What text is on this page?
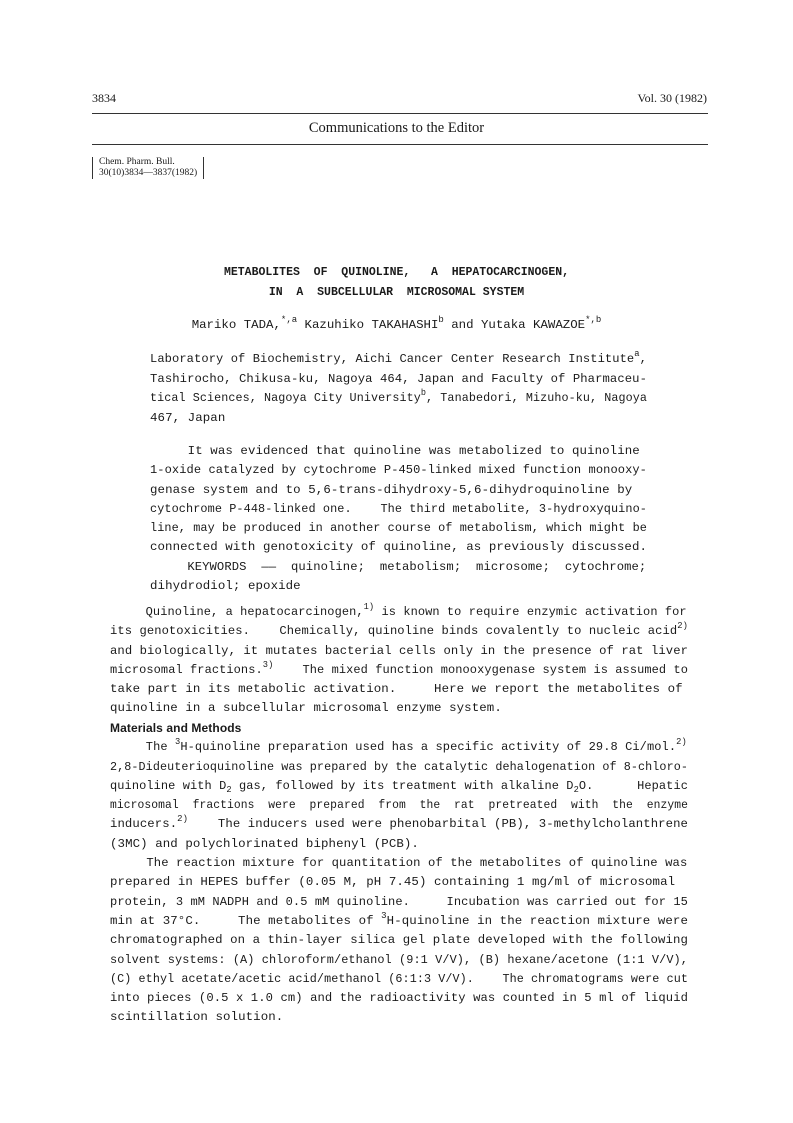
3834	Vol. 30 (1982)
Communications to the Editor
Chem. Pharm. Bull.
30(10)3834—3837(1982)
METABOLITES  OF  QUINOLINE,   A  HEPATOCARCINOGEN,
IN  A  SUBCELLULAR  MICROSOMAL SYSTEM
Mariko TADA,$^{*,a}$ Kazuhiko TAKAHASHI$^b$ and Yutaka $KAWAZOE^{*,b}$
Laboratory of Biochemistry, Aichi Cancer Center Research Institute$^a$,
Tashirocho, Chikusa-ku, Nagoya 464, Japan and Faculty of Pharmaceu-
tical Sciences, Nagoya City University$^b$, Tanabedori, Mizuho-ku, Nagoya
467, Japan
It was evidenced that quinoline was metabolized to quinoline
1-oxide catalyzed by cytochrome P-450-linked mixed function monooxy-
genase system and to 5,6-trans-dihydroxy-5,6-dihydroquinoline by
cytochrome P-448-linked one.    The third metabolite, 3-hydroxyquino-
line, may be produced in another course of metabolism, which might be
connected with genotoxicity of quinoline, as previously discussed.
KEYWORDS —— quinoline;  metabolism;  microsome;  cytochrome;
dihydrodiol; epoxide
Quinoline, a hepatocarcinogen,$^{1)}$ is known to require enzymic activation for
its genotoxicities.    Chemically, quinoline binds covalently to nucleic acid$^{2)}$
and biologically, it mutates bacterial cells only in the presence of rat liver
microsomal fractions.$^{3)}$    The mixed function monooxygenase system is assumed to
take part in its metabolic activation.     Here we report the metabolites of
quinoline in a subcellular microsomal enzyme system.
Materials and Methods
The $^3$H-quinoline preparation used has a specific activity of 29.8 Ci/mol.$^{2)}$
2,8-Dideuterioquinoline was prepared by the catalytic dehalogenation of 8-chloro-
quinoline with $D_2$ gas, followed by its treatment with alkaline $D_2O$.      Hepatic
microsomal  fractions  were  prepared  from  the  rat  pretreated  with  the  enzyme
inducers.$^{2)}$    The inducers used were phenobarbital (PB), 3-methylcholanthrene
(3MC) and polychlorinated biphenyl (PCB).
The reaction mixture for quantitation of the metabolites of quinoline was
prepared in HEPES buffer (0.05 M, pH 7.45) containing 1 mg/ml of microsomal
protein, 3 mM NADPH and 0.5 mM quinoline.     Incubation was carried out for 15
min at 37°C.     The metabolites of $^3$H-quinoline in the reaction mixture were
chromatographed on a thin-layer silica gel plate developed with the following
solvent systems: (A) chloroform/ethanol (9:1 V/V), (B) hexane/acetone (1:1 V/V),
(C) ethyl acetate/acetic acid/methanol (6:1:3 V/V).    The chromatograms were cut
into pieces (0.5 x 1.0 cm) and the radioactivity was counted in 5 ml of liquid
scintillation solution.
